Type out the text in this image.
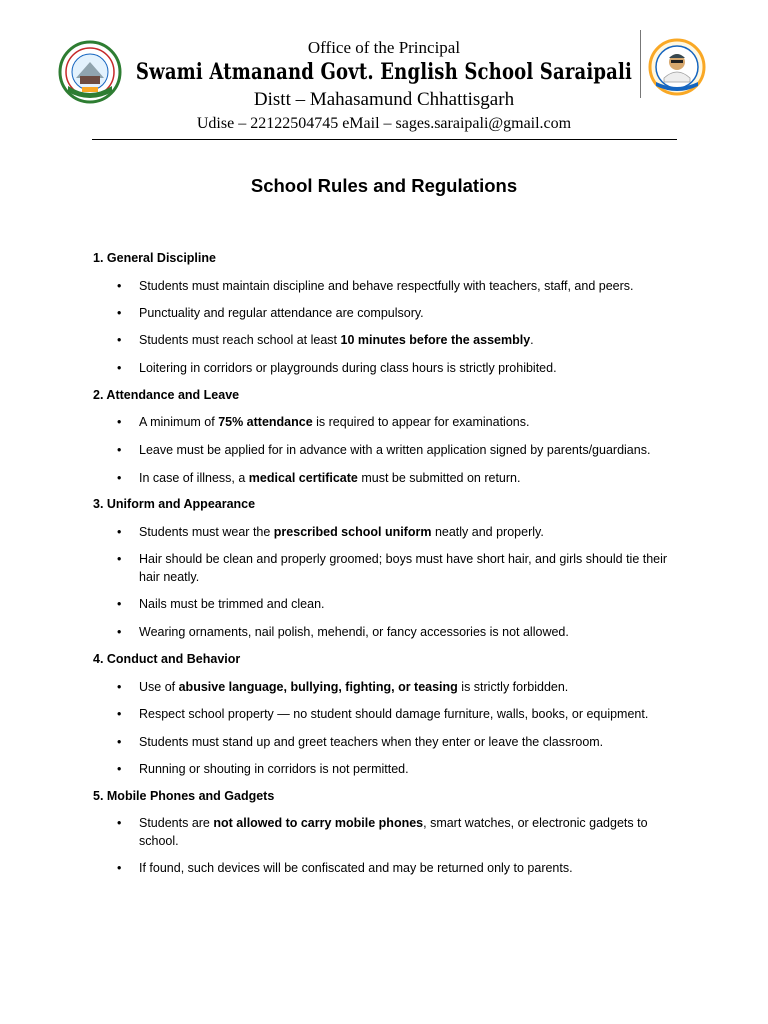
Office of the Principal
Swami Atmanand Govt. English School Saraipali
Distt – Mahasamund Chhattisgarh
Udise – 22122504745 eMail – sages.saraipali@gmail.com
School Rules and Regulations
1. General Discipline
• Students must maintain discipline and behave respectfully with teachers, staff, and peers.
• Punctuality and regular attendance are compulsory.
• Students must reach school at least 10 minutes before the assembly.
• Loitering in corridors or playgrounds during class hours is strictly prohibited.
2. Attendance and Leave
• A minimum of 75% attendance is required to appear for examinations.
• Leave must be applied for in advance with a written application signed by parents/guardians.
• In case of illness, a medical certificate must be submitted on return.
3. Uniform and Appearance
• Students must wear the prescribed school uniform neatly and properly.
• Hair should be clean and properly groomed; boys must have short hair, and girls should tie their hair neatly.
• Nails must be trimmed and clean.
• Wearing ornaments, nail polish, mehendi, or fancy accessories is not allowed.
4. Conduct and Behavior
• Use of abusive language, bullying, fighting, or teasing is strictly forbidden.
• Respect school property — no student should damage furniture, walls, books, or equipment.
• Students must stand up and greet teachers when they enter or leave the classroom.
• Running or shouting in corridors is not permitted.
5. Mobile Phones and Gadgets
• Students are not allowed to carry mobile phones, smart watches, or electronic gadgets to school.
• If found, such devices will be confiscated and may be returned only to parents.
